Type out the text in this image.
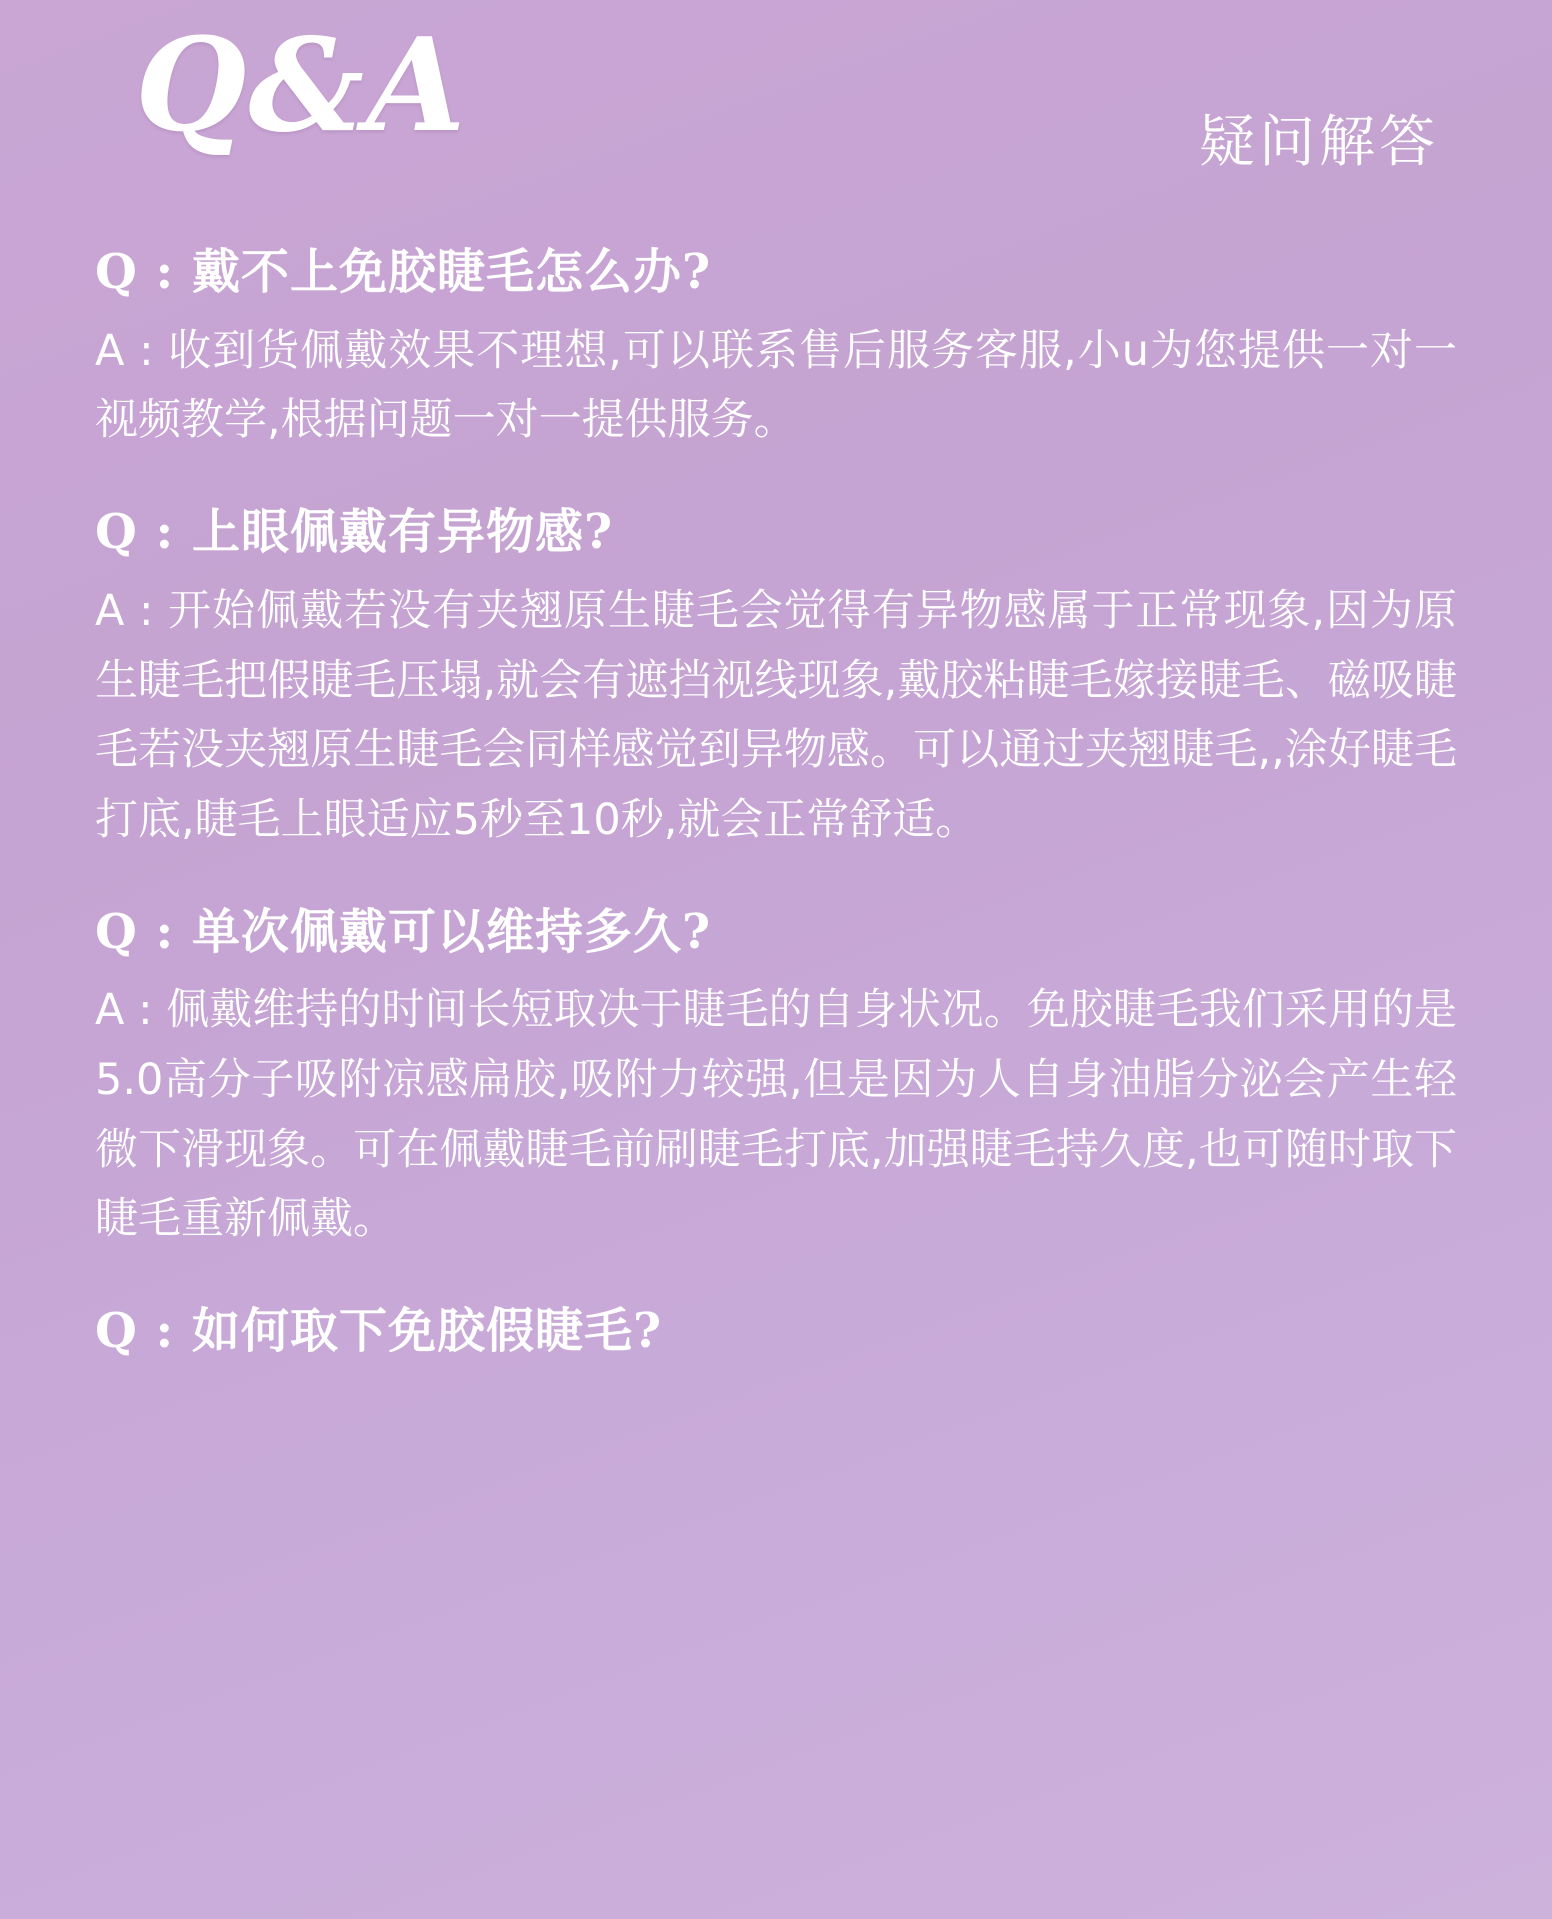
Q&A	疑问解答

Q : 戴不上免胶睫毛怎么办?

A : 收到货佩戴效果不理想,可以联系售后服务客服,小u为您提供一对一视频教学,根据问题一对一提供服务。

Q : 上眼佩戴有异物感?

A : 开始佩戴若没有夹翘原生睫毛会觉得有异物感属于正常现象,因为原生睫毛把假睫毛压塌,就会有遮挡视线现象,戴胶粘睫毛嫁接睫毛、磁吸睫毛若没夹翘原生睫毛会同样感觉到异物感。可以通过夹翘睫毛,,涂好睫毛打底,睫毛上眼适应5秒至10秒,就会正常舒适。

Q : 单次佩戴可以维持多久?

A : 佩戴维持的时间长短取决于睫毛的自身状况。免胶睫毛我们采用的是5.0高分子吸附凉感扁胶,吸附力较强,但是因为人自身油脂分泌会产生轻微下滑现象。可在佩戴睫毛前刷睫毛打底,加强睫毛持久度,也可随时取下睫毛重新佩戴。

Q : 如何取下免胶假睫毛?
